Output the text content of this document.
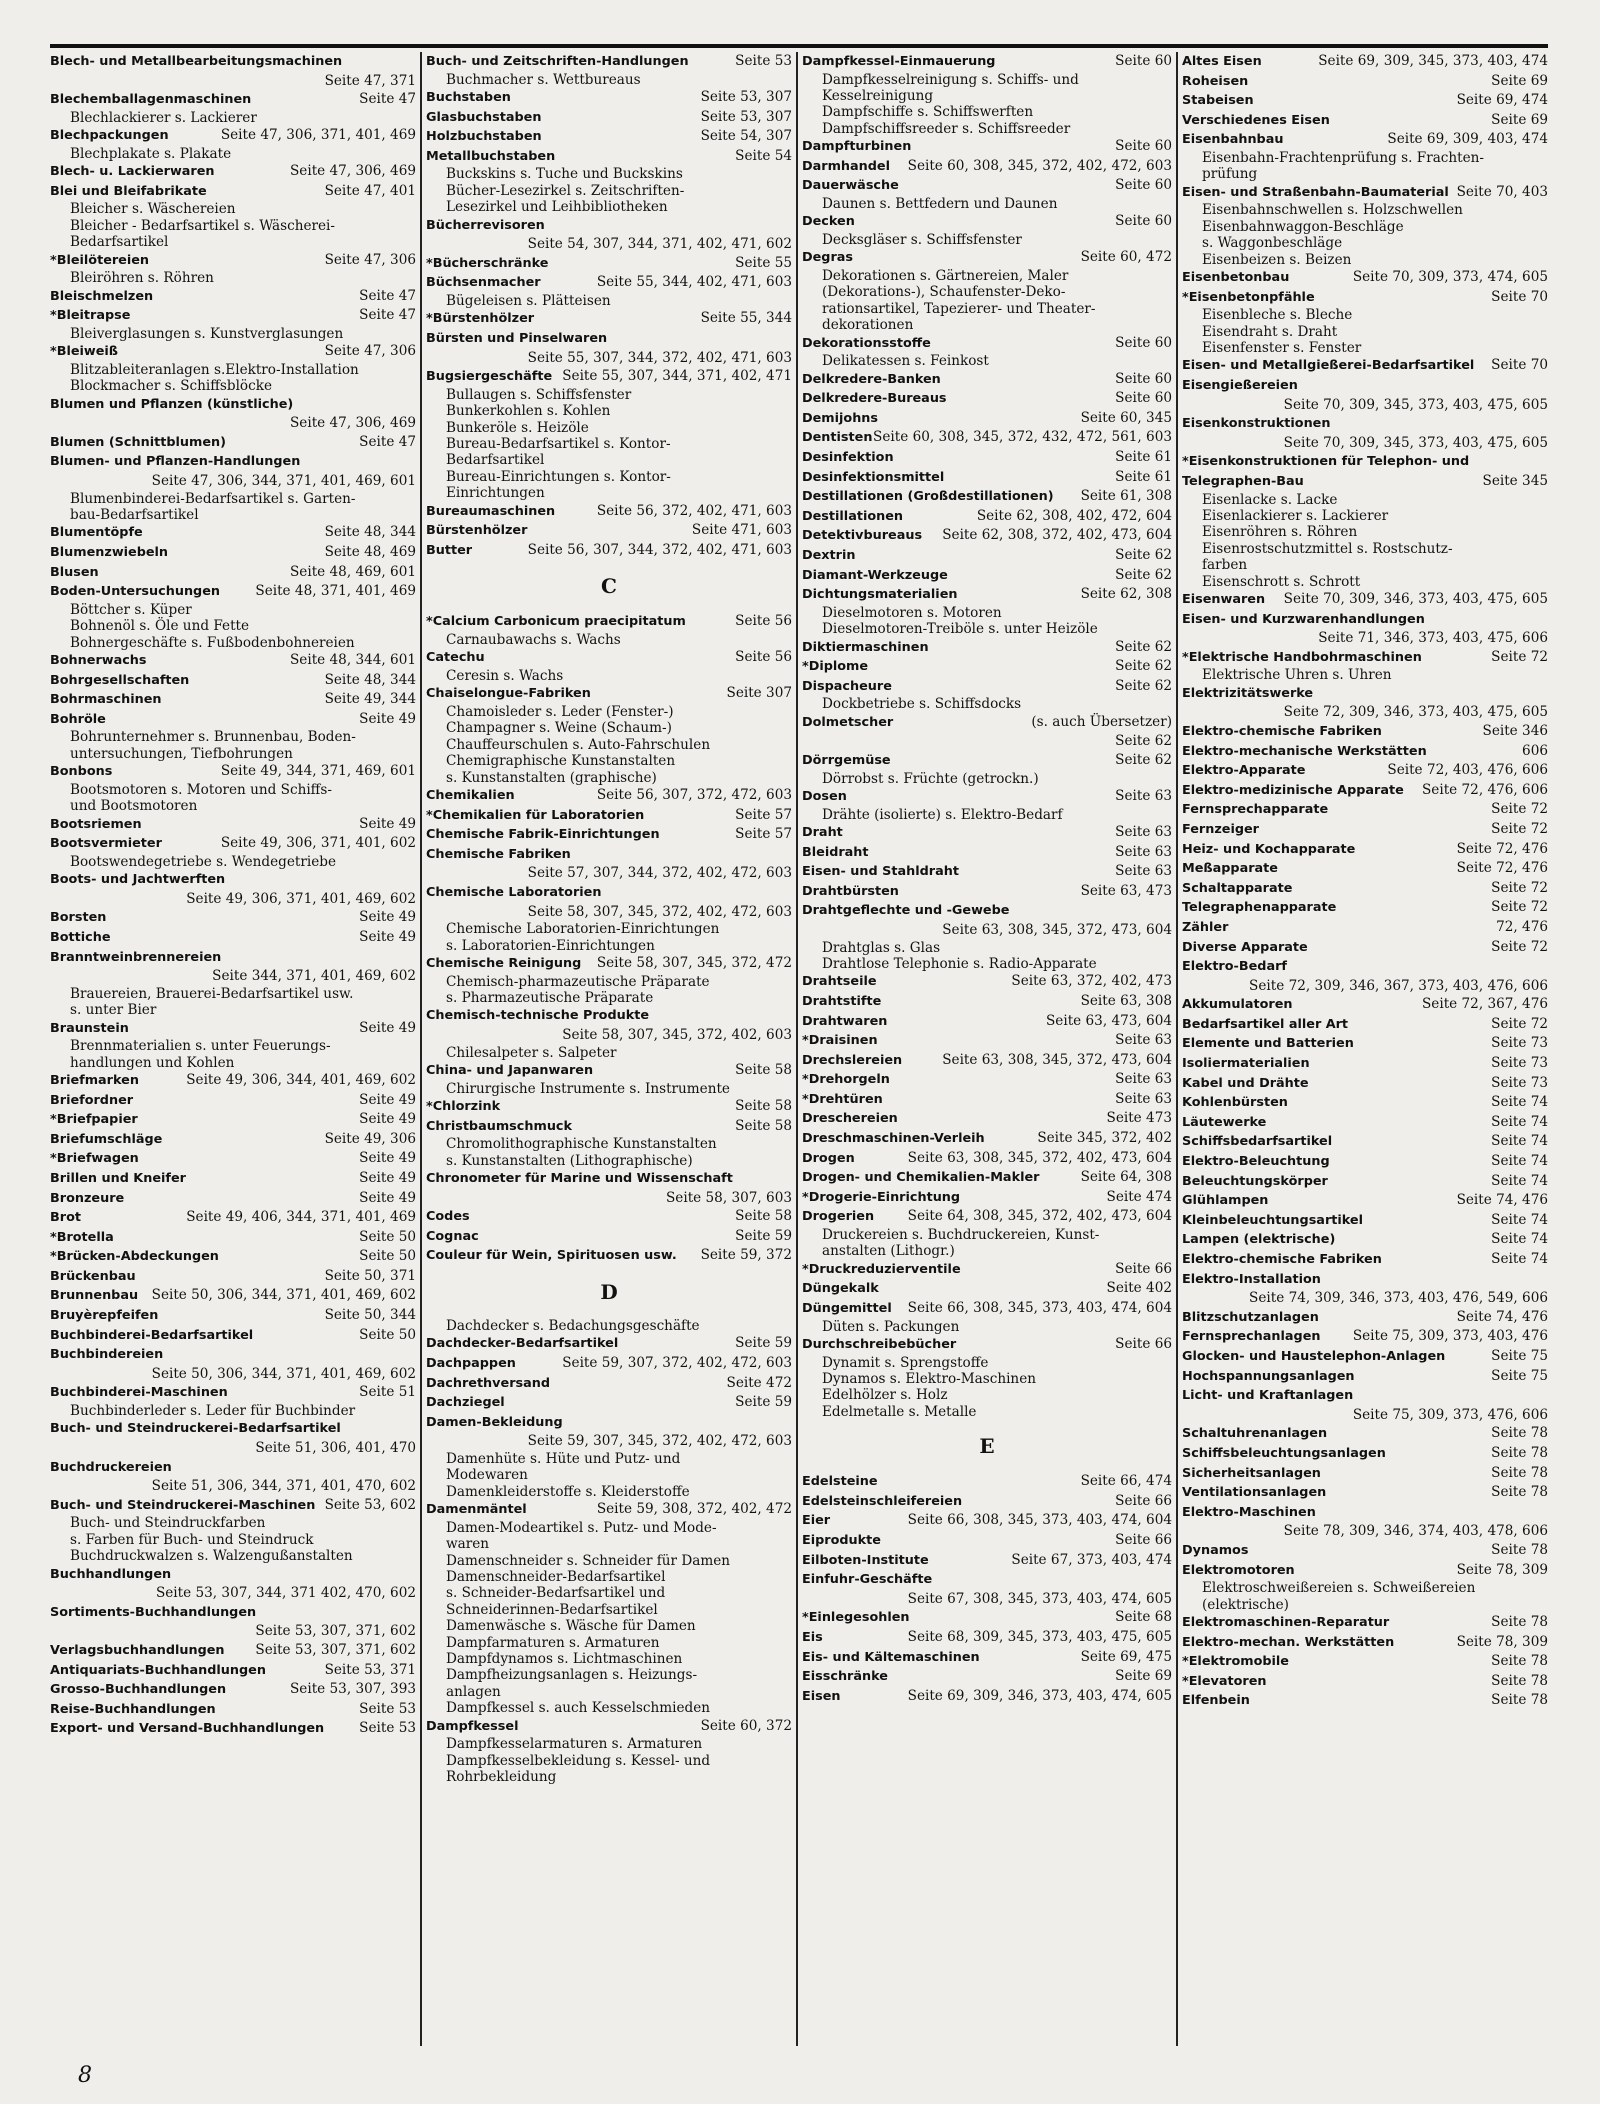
Blech- und Metallbearbeitungsmachinen
Seite 47, 371
Blechemballagenmaschinen	Seite 47
Blechlackierer s. Lackierer
Blechpackungen	Seite 47, 306, 371, 401, 469
Blechplakate s. Plakate
Blech- u. Lackierwaren	Seite 47, 306, 469
Blei und Bleifabrikate	Seite 47, 401
Bleicher s. Wäschereien
Bleicher - Bedarfsartikel s. Wäscherei-
Bedarfsartikel
*Bleilötereien	Seite 47, 306
Bleiröhren s. Röhren
Bleischmelzen	Seite 47
*Bleitrapse	Seite 47
Bleiverglasungen s. Kunstverglasungen
*Bleiweiß	Seite 47, 306
Blitzableiteranlagen s.Elektro-Installation
Blockmacher s. Schiffsblöcke
Blumen und Pflanzen (künstliche)
Seite 47, 306, 469
Blumen (Schnittblumen)	Seite 47
Blumen- und Pflanzen-Handlungen
Seite 47, 306, 344, 371, 401, 469, 601
Blumenbinderei-Bedarfsartikel s. Garten-
bau-Bedarfsartikel
Blumentöpfe	Seite 48, 344
Blumenzwiebeln	Seite 48, 469
Blusen	Seite 48, 469, 601
Boden-Untersuchungen	Seite 48, 371, 401, 469
Böttcher s. Küper
Bohnenöl s. Öle und Fette
Bohnergeschäfte s. Fußbodenbohnereien
Bohnerwachs	Seite 48, 344, 601
Bohrgesellschaften	Seite 48, 344
Bohrmaschinen	Seite 49, 344
Bohröle	Seite 49
Bohrunternehmer s. Brunnenbau, Boden-
untersuchungen, Tiefbohrungen
Bonbons	Seite 49, 344, 371, 469, 601
Bootsmotoren s. Motoren und Schiffs-
und Bootsmotoren
Bootsriemen	Seite 49
Bootsvermieter	Seite 49, 306, 371, 401, 602
Bootswendegetriebe s. Wendegetriebe
Boots- und Jachtwerften
Seite 49, 306, 371, 401, 469, 602
Borsten	Seite 49
Bottiche	Seite 49
Branntweinbrennereien
Seite 344, 371, 401, 469, 602
Brauereien, Brauerei-Bedarfsartikel usw.
s. unter Bier
Braunstein	Seite 49
Brennmaterialien s. unter Feuerungs-
handlungen und Kohlen
Briefmarken	Seite 49, 306, 344, 401, 469, 602
Briefordner	Seite 49
*Briefpapier	Seite 49
Briefumschläge	Seite 49, 306
*Briefwagen	Seite 49
Brillen und Kneifer	Seite 49
Bronzeure	Seite 49
Brot	Seite 49, 406, 344, 371, 401, 469
*Brotella	Seite 50
*Brücken-Abdeckungen	Seite 50
Brückenbau	Seite 50, 371
Brunnenbau Seite 50, 306, 344, 371, 401, 469, 602
Bruyèrepfeifen	Seite 50, 344
Buchbinderei-Bedarfsartikel	Seite 50
Buchbindereien
Seite 50, 306, 344, 371, 401, 469, 602
Buchbinderei-Maschinen	Seite 51
Buchbinderleder s. Leder für Buchbinder
Buch- und Steindruckerei-Bedarfsartikel
Seite 51, 306, 401, 470
Buchdruckereien
Seite 51, 306, 344, 371, 401, 470, 602
Buch- und Steindruckerei-Maschinen Seite 53, 602
Buch- und Steindruckfarben
s. Farben für Buch- und Steindruck
Buchdruckwalzen s. Walzengußanstalten
Buchhandlungen
Seite 53, 307, 344, 371 402, 470, 602
Sortiments-Buchhandlungen
Seite 53, 307, 371, 602
Verlagsbuchhandlungen Seite 53, 307, 371, 602
Antiquariats-Buchhandlungen	Seite 53, 371
Grosso-Buchhandlungen	Seite 53, 307, 393
Reise-Buchhandlungen	Seite 53
Export- und Versand-Buchhandlungen	Seite 53
Buch- und Zeitschriften-Handlungen	Seite 53
Buchmacher s. Wettbureaus
Buchstaben	Seite 53, 307
Glasbuchstaben	Seite 53, 307
Holzbuchstaben	Seite 54, 307
Metallbuchstaben	Seite 54
Buckskins s. Tuche und Buckskins
Bücher-Lesezirkel s. Zeitschriften-
Lesezirkel und Leihbibliotheken
Bücherrevisoren
Seite 54, 307, 344, 371, 402, 471, 602
*Bücherschränke	Seite 55
Büchsenmacher	Seite 55, 344, 402, 471, 603
Bügeleisen s. Plätteisen
*Bürstenhölzer	Seite 55, 344
Bürsten und Pinselwaren
Seite 55, 307, 344, 372, 402, 471, 603
Bugsiergeschäfte Seite 55, 307, 344, 371, 402, 471
Bullaugen s. Schiffsfenster
Bunkerkohlen s. Kohlen
Bunkeröle s. Heizöle
Bureau-Bedarfsartikel s. Kontor-
Bedarfsartikel
Bureau-Einrichtungen s. Kontor-
Einrichtungen
Bureaumaschinen	Seite 56, 372, 402, 471, 603
Bürstenhölzer	Seite 471, 603
Butter	Seite 56, 307, 344, 372, 402, 471, 603
C
*Calcium Carbonicum praecipitatum	Seite 56
Carnaubawachs s. Wachs
Catechu	Seite 56
Ceresin s. Wachs
Chaiselongue-Fabriken	Seite 307
Chamoisleder s. Leder (Fenster-)
Champagner s. Weine (Schaum-)
Chauffeurschulen s. Auto-Fahrschulen
Chemigraphische Kunstanstalten
s. Kunstanstalten (graphische)
Chemikalien	Seite 56, 307, 372, 472, 603
*Chemikalien für Laboratorien	Seite 57
Chemische Fabrik-Einrichtungen	Seite 57
Chemische Fabriken
Seite 57, 307, 344, 372, 402, 472, 603
Chemische Laboratorien
Seite 58, 307, 345, 372, 402, 472, 603
Chemische Laboratorien-Einrichtungen
s. Laboratorien-Einrichtungen
Chemische Reinigung Seite 58, 307, 345, 372, 472
Chemisch-pharmazeutische Präparate
s. Pharmazeutische Präparate
Chemisch-technische Produkte
Seite 58, 307, 345, 372, 402, 603
Chilesalpeter s. Salpeter
China- und Japanwaren	Seite 58
Chirurgische Instrumente s. Instrumente
*Chlorzink	Seite 58
Christbaumschmuck	Seite 58
Chromolithographische Kunstanstalten
s. Kunstanstalten (Lithographische)
Chronometer für Marine und Wissenschaft
Seite 58, 307, 603
Codes	Seite 58
Cognac	Seite 59
Couleur für Wein, Spirituosen usw. Seite 59, 372
D
Dachdecker s. Bedachungsgeschäfte
Dachdecker-Bedarfsartikel	Seite 59
Dachpappen	Seite 59, 307, 372, 402, 472, 603
Dachrethversand	Seite 472
Dachziegel	Seite 59
Damen-Bekleidung
Seite 59, 307, 345, 372, 402, 472, 603
Damenhüte s. Hüte und Putz- und
Modewaren
Damenkleiderstoffe s. Kleiderstoffe
Damenmäntel	Seite 59, 308, 372, 402, 472
Damen-Modeartikel s. Putz- und Mode-
waren
Damenschneider s. Schneider für Damen
Damenschneider-Bedarfsartikel
s. Schneider-Bedarfsartikel und
Schneiderinnen-Bedarfsartikel
Damenwäsche s. Wäsche für Damen
Dampfarmaturen s. Armaturen
Dampfdynamos s. Lichtmaschinen
Dampfheizungsanlagen s. Heizungs-
anlagen
Dampfkessel s. auch Kesselschmieden
Dampfkessel	Seite 60, 372
Dampfkesselarmaturen s. Armaturen
Dampfkesselbekleidung s. Kessel- und
Rohrbekleidung
Dampfkessel-Einmauerung	Seite 60
Dampfkesselreinigung s. Schiffs- und
Kesselreinigung
Dampfschiffe s. Schiffswerften
Dampfschiffsreeder s. Schiffsreeder
Dampfturbinen	Seite 60
Darmhandel Seite 60, 308, 345, 372, 402, 472, 603
Dauerwäsche	Seite 60
Daunen s. Bettfedern und Daunen
Decken	Seite 60
Decksgläser s. Schiffsfenster
Degras	Seite 60, 472
Dekorationen s. Gärtnereien, Maler
(Dekorations-), Schaufenster-Deko-
rationsartikel, Tapezierer- und Theater-
dekorationen
Dekorationsstoffe	Seite 60
Delikatessen s. Feinkost
Delkredere-Banken	Seite 60
Delkredere-Bureaus	Seite 60
Demijohns	Seite 60, 345
Dentisten Seite 60, 308, 345, 372, 432, 472, 561, 603
Desinfektion	Seite 61
Desinfektionsmittel	Seite 61
Destillationen (Großdestillationen) Seite 61, 308
Destillationen	Seite 62, 308, 402, 472, 604
Detektivbureaus Seite 62, 308, 372, 402, 473, 604
Dextrin	Seite 62
Diamant-Werkzeuge	Seite 62
Dichtungsmaterialien	Seite 62, 308
Dieselmotoren s. Motoren
Dieselmotoren-Treiböle s. unter Heizöle
Diktiermaschinen	Seite 62
*Diplome	Seite 62
Dispacheure	Seite 62
Dockbetriebe s. Schiffsdocks
Dolmetscher	(s. auch Übersetzer)
Seite 62
Dörrgemüse	Seite 62
Dörrobst s. Früchte (getrockn.)
Dosen	Seite 63
Drähte (isolierte) s. Elektro-Bedarf
Draht	Seite 63
Bleidraht	Seite 63
Eisen- und Stahldraht	Seite 63
Drahtbürsten	Seite 63, 473
Drahtgeflechte und -Gewebe
Seite 63, 308, 345, 372, 473, 604
Drahtglas s. Glas
Drahtlose Telephonie s. Radio-Apparate
Drahtseile	Seite 63, 372, 402, 473
Drahtstifte	Seite 63, 308
Drahtwaren	Seite 63, 473, 604
*Draisinen	Seite 63
Drechslereien	Seite 63, 308, 345, 372, 473, 604
*Drehorgeln	Seite 63
*Drehtüren	Seite 63
Dreschereien	Seite 473
Dreschmaschinen-Verleih	Seite 345, 372, 402
Drogen	Seite 63, 308, 345, 372, 402, 473, 604
Drogen- und Chemikalien-Makler	Seite 64, 308
*Drogerie-Einrichtung	Seite 474
Drogerien Seite 64, 308, 345, 372, 402, 473, 604
Druckereien s. Buchdruckereien, Kunst-
anstalten (Lithogr.)
*Druckreduzierventile	Seite 66
Düngekalk	Seite 402
Düngemittel Seite 66, 308, 345, 373, 403, 474, 604
Düten s. Packungen
Durchschreibebücher	Seite 66
Dynamit s. Sprengstoffe
Dynamos s. Elektro-Maschinen
Edelhölzer s. Holz
Edelmetalle s. Metalle
E
Edelsteine	Seite 66, 474
Edelsteinschleifereien	Seite 66
Eier	Seite 66, 308, 345, 373, 403, 474, 604
Eiprodukte	Seite 66
Eilboten-Institute	Seite 67, 373, 403, 474
Einfuhr-Geschäfte
Seite 67, 308, 345, 373, 403, 474, 605
*Einlegesohlen	Seite 68
Eis	Seite 68, 309, 345, 373, 403, 475, 605
Eis- und Kältemaschinen	Seite 69, 475
Eisschränke	Seite 69
Eisen	Seite 69, 309, 346, 373, 403, 474, 605
Altes Eisen	Seite 69, 309, 345, 373, 403, 474
Roheisen	Seite 69
Stabeisen	Seite 69, 474
Verschiedenes Eisen	Seite 69
Eisenbahnbau	Seite 69, 309, 403, 474
Eisenbahn-Frachtenprüfung s. Frachten-
prüfung
Eisen- und Straßenbahn-Baumaterial Seite 70, 403
Eisenbahnschwellen s. Holzschwellen
Eisenbahnwaggon-Beschläge
s. Waggonbeschläge
Eisenbeizen s. Beizen
Eisenbetonbau	Seite 70, 309, 373, 474, 605
*Eisenbetonpfähle	Seite 70
Eisenbleche s. Bleche
Eisendraht s. Draht
Eisenfenster s. Fenster
Eisen- und Metallgießerei-Bedarfsartikel Seite 70
Eisengießereien
Seite 70, 309, 345, 373, 403, 475, 605
Eisenkonstruktionen
Seite 70, 309, 345, 373, 403, 475, 605
*Eisenkonstruktionen für Telephon- und Telegraphen-Bau	Seite 345
Eisenlacke s. Lacke
Eisenlackierer s. Lackierer
Eisenröhren s. Röhren
Eisenrostschutzmittel s. Rostschutz-
farben
Eisenschrott s. Schrott
Eisenwaren Seite 70, 309, 346, 373, 403, 475, 605
Eisen- und Kurzwarenhandlungen
Seite 71, 346, 373, 403, 475, 606
*Elektrische Handbohrmaschinen	Seite 72
Elektrische Uhren s. Uhren
Elektrizitätswerke
Seite 72, 309, 346, 373, 403, 475, 605
Elektro-chemische Fabriken	Seite 346
Elektro-mechanische Werkstätten	606
Elektro-Apparate	Seite 72, 403, 476, 606
Elektro-medizinische Apparate Seite 72, 476, 606
Fernsprechapparate	Seite 72
Fernzeiger	Seite 72
Heiz- und Kochapparate	Seite 72, 476
Meßapparate	Seite 72, 476
Schaltapparate	Seite 72
Telegraphenapparate	Seite 72
Zähler	72, 476
Diverse Apparate	Seite 72
Elektro-Bedarf
Seite 72, 309, 346, 367, 373, 403, 476, 606
Akkumulatoren	Seite 72, 367, 476
Bedarfsartikel aller Art	Seite 72
Elemente und Batterien	Seite 73
Isoliermaterialien	Seite 73
Kabel und Drähte	Seite 73
Kohlenbürsten	Seite 74
Läutewerke	Seite 74
Schiffsbedarfsartikel	Seite 74
Elektro-Beleuchtung	Seite 74
Beleuchtungskörper	Seite 74
Glühlampen	Seite 74, 476
Kleinbeleuchtungsartikel	Seite 74
Lampen (elektrische)	Seite 74
Elektro-chemische Fabriken	Seite 74
Elektro-Installation
Seite 74, 309, 346, 373, 403, 476, 549, 606
Blitzschutzanlagen	Seite 74, 476
Fernsprechanlagen Seite 75, 309, 373, 403, 476
Glocken- und Haustelephon-Anlagen	Seite 75
Hochspannungsanlagen	Seite 75
Licht- und Kraftanlagen
Seite 75, 309, 373, 476, 606
Schaltuhrenanlagen	Seite 78
Schiffsbeleuchtungsanlagen	Seite 78
Sicherheitsanlagen	Seite 78
Ventilationsanlagen	Seite 78
Elektro-Maschinen
Seite 78, 309, 346, 374, 403, 478, 606
Dynamos	Seite 78
Elektromotoren	Seite 78, 309
Elektroschweißereien s. Schweißereien
(elektrische)
Elektromaschinen-Reparatur	Seite 78
Elektro-mechan. Werkstätten	Seite 78, 309
*Elektromobile	Seite 78
*Elevatoren	Seite 78
Elfenbein	Seite 78
8
